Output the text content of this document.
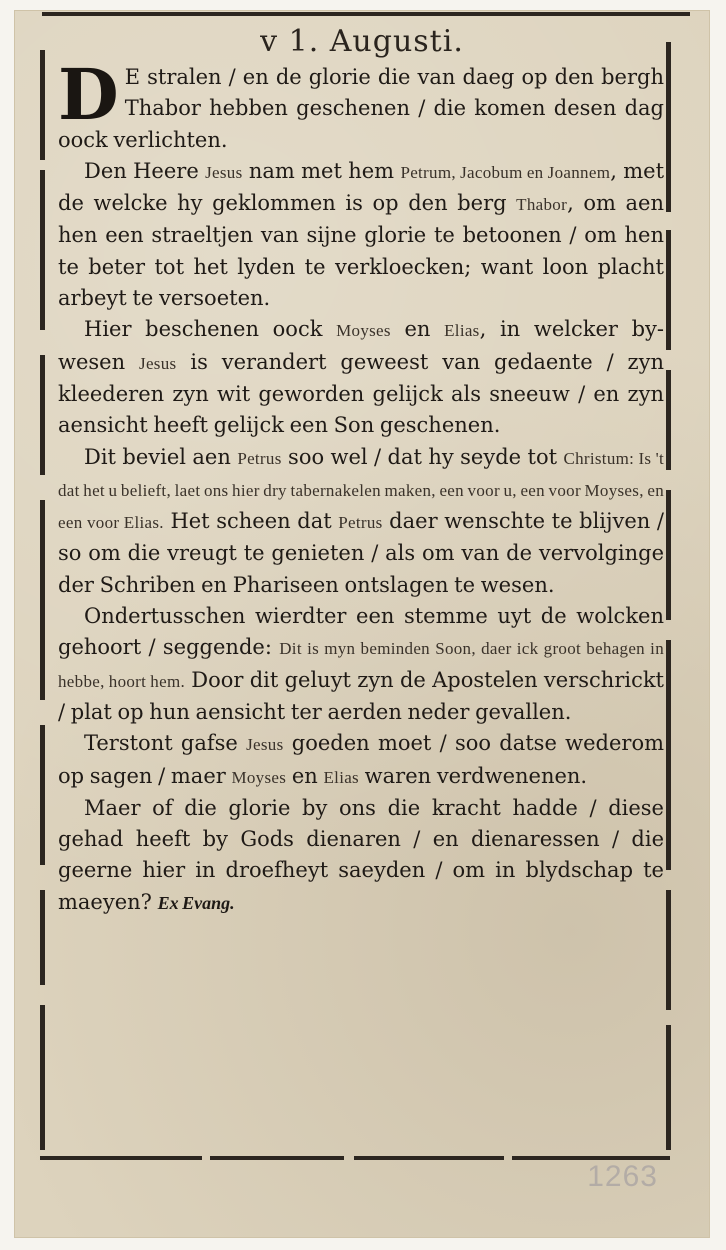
v 1. Augusti.

D E stralen / en de glorie die van daeg op den bergh Thabor hebben geschenen / die komen desen dag oock verlichten.

Den Heere Jesus nam met hem Petrum, Jacobum en Joannem, met de welcke hy geklommen is op den berg Thabor, om aen hen een straeltjen van sijne glorie te betoonen / om hen te beter tot het lyden te verkloecken; want loon placht arbeyt te versoeten.

Hier beschenen oock Moyses en Elias, in welcker by-wesen Jesus is verandert geweest van gedaente / zyn kleederen zyn wit geworden gelijck als sneeuw / en zyn aensicht heeft gelijck een Son geschenen.

Dit beviel aen Petrus soo wel / dat hy seyde tot Christum: Is 't dat het u belieft, laet ons hier dry tabernakelen maken, een voor u, een voor Moyses, en een voor Elias. Het scheen dat Petrus daer wenschte te blijven / so om die vreugt te genieten / als om van de vervolginge der Schriben en Phariseen ontslagen te wesen.

Ondertusschen wierdter een stemme uyt de wolcken gehoort / seggende: Dit is myn beminden Soon, daer ick groot behagen in hebbe, hoort hem. Door dit geluyt zyn de Apostelen verschrickt / plat op hun aensicht ter aerden neder gevallen.

Terstont gafse Jesus goeden moet / soo datse wederom op sagen / maer Moyses en Elias waren verdwenenen.

Maer of die glorie by ons die kracht hadde / diese gehad heeft by Gods dienaren / en dienaressen / die geerne hier in droefheyt saeyden / om in blydschap te maeyen? Ex Evang.

1263
